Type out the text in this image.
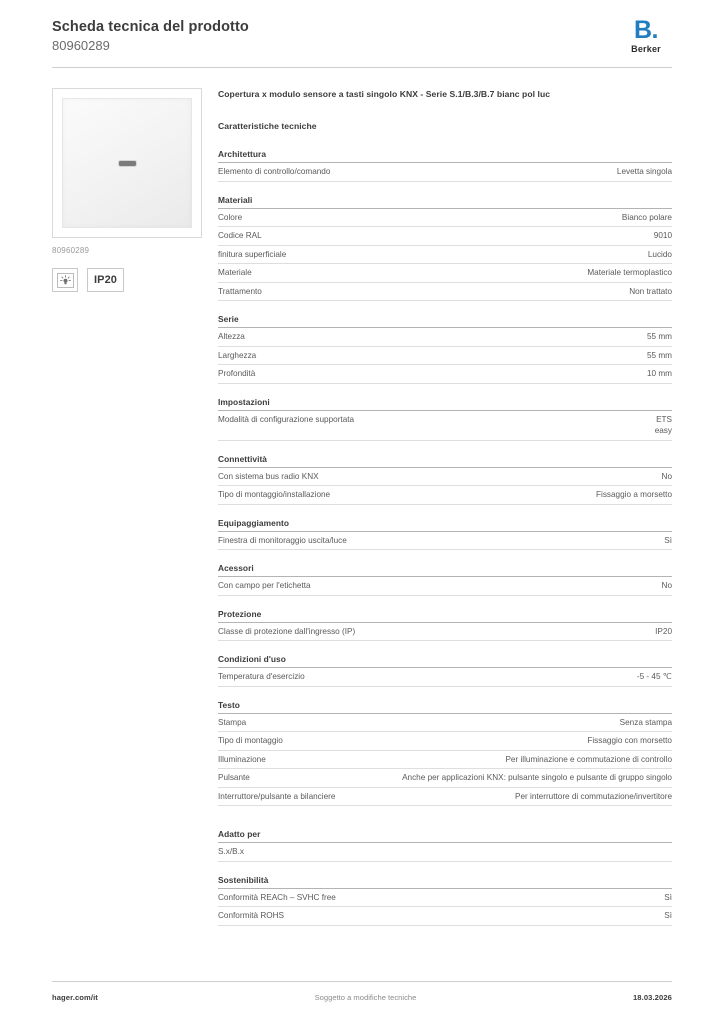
Scheda tecnica del prodotto
80960289
B.
Berker
80960289
IP20
Copertura x modulo sensore a tasti singolo KNX - Serie S.1/B.3/B.7 bianc pol luc
Caratteristiche tecniche
Architettura
Elemento di controllo/comando	Levetta singola
Materiali
Colore	Bianco polare
Codice RAL	9010
finitura superficiale	Lucido
Materiale	Materiale termoplastico
Trattamento	Non trattato
Serie
Altezza	55 mm
Larghezza	55 mm
Profondità	10 mm
Impostazioni
Modalità di configurazione supportata	ETS
easy
Connettività
Con sistema bus radio KNX	No
Tipo di montaggio/installazione	Fissaggio a morsetto
Equipaggiamento
Finestra di monitoraggio uscita/luce	Sì
Acessori
Con campo per l'etichetta	No
Protezione
Classe di protezione dall'ingresso (IP)	IP20
Condizioni d'uso
Temperatura d'esercizio	-5 - 45 ℃
Testo
Stampa	Senza stampa
Tipo di montaggio	Fissaggio con morsetto
Illuminazione	Per illuminazione e commutazione di controllo
Pulsante	Anche per applicazioni KNX: pulsante singolo e pulsante di gruppo singolo
Interruttore/pulsante a bilanciere	Per interruttore di commutazione/invertitore
Adatto per
S.x/B.x
Sostenibilità
Conformità REACh – SVHC free	Sì
Conformità ROHS	Sì
hager.com/it	Soggetto a modifiche tecniche	18.03.2026
